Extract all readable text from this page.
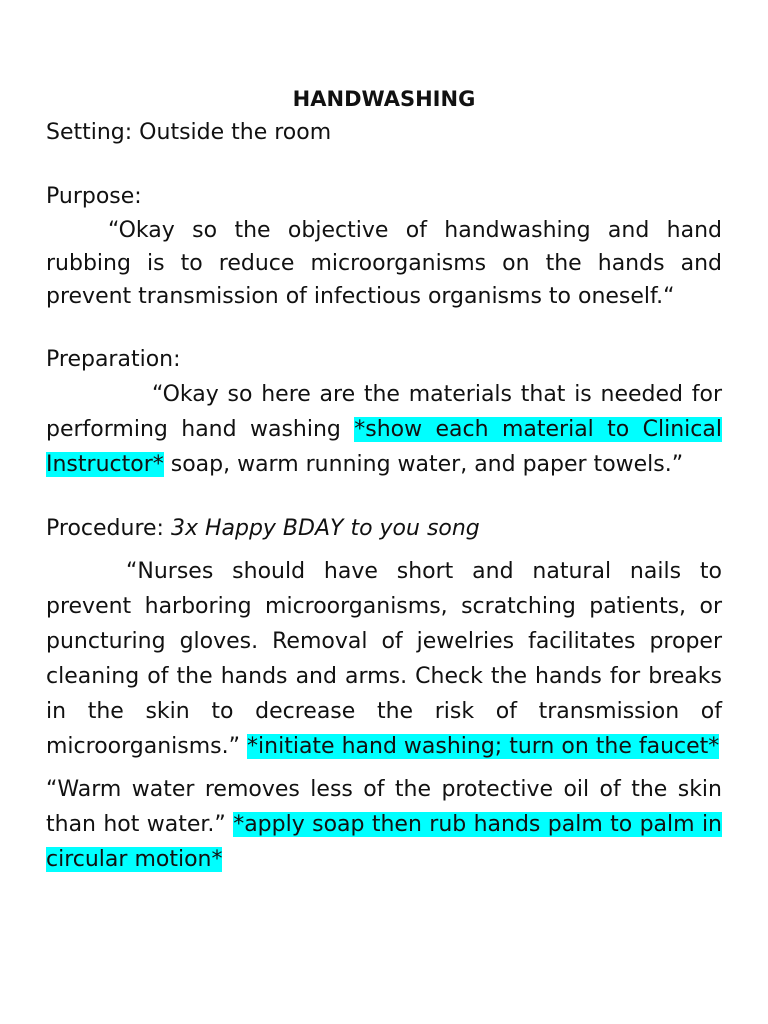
HANDWASHING

Setting: Outside the room

Purpose:

“Okay so the objective of handwashing and hand rubbing is to reduce microorganisms on the hands and prevent transmission of infectious organisms to oneself.“

Preparation:

“Okay so here are the materials that is needed for performing hand washing *show each material to Clinical Instructor* soap, warm running water, and paper towels.”

Procedure: 3x Happy BDAY to you song

“Nurses should have short and natural nails to prevent harboring microorganisms, scratching patients, or puncturing gloves. Removal of jewelries facilitates proper cleaning of the hands and arms. Check the hands for breaks in the skin to decrease the risk of transmission of microorganisms.” *initiate hand washing; turn on the faucet*

“Warm water removes less of the protective oil of the skin than hot water.” *apply soap then rub hands palm to palm in circular motion*
